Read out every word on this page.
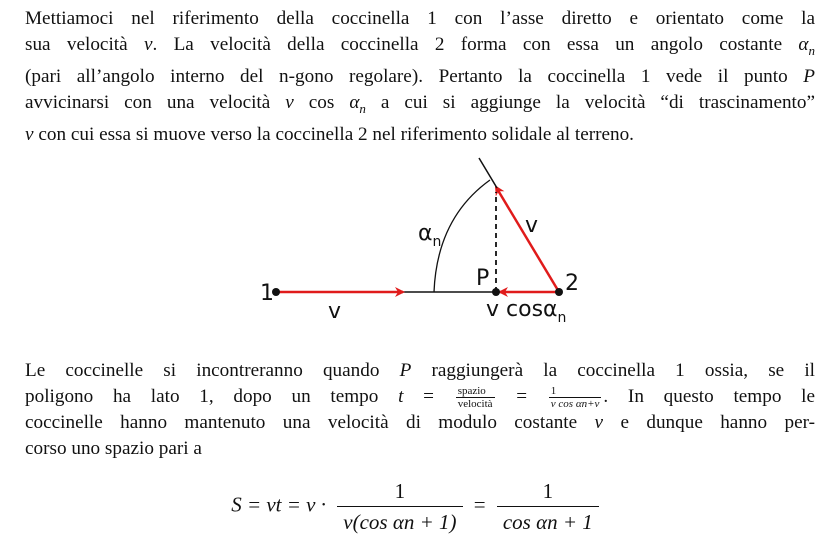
Mettiamoci nel riferimento della coccinella 1 con l’asse diretto e orientato come la
sua velocità v. La velocità della coccinella 2 forma con essa un angolo costante $\alpha_n$
(pari all’angolo interno del n-gono regolare). Pertanto la coccinella 1 vede il punto P
avvicinarsi con una velocità v $\cos \alpha_n$ a cui si aggiunge la velocità “di trascinamento”
v con cui essa si muove verso la coccinella 2 nel riferimento solidale al terreno.
1	2
P
v
v
$\alpha_n$
v cosα$_n$
Le coccinelle si incontreranno quando P raggiungerà la coccinella 1 ossia, se il
poligono ha lato 1, dopo un tempo $t = \frac{\text{spazio}}{\text{velocità}} = \frac{1}{\text{v cos αn+v}}$ . In questo tempo le
coccinelle hanno mantenuto una velocità di modulo costante v e dunque hanno per-
corso uno spazio pari a
S = vt = $v \cdot \frac{1}{\text{v(cos αn + 1)}} = \frac{1}{\text{cos αn + 1}}$
